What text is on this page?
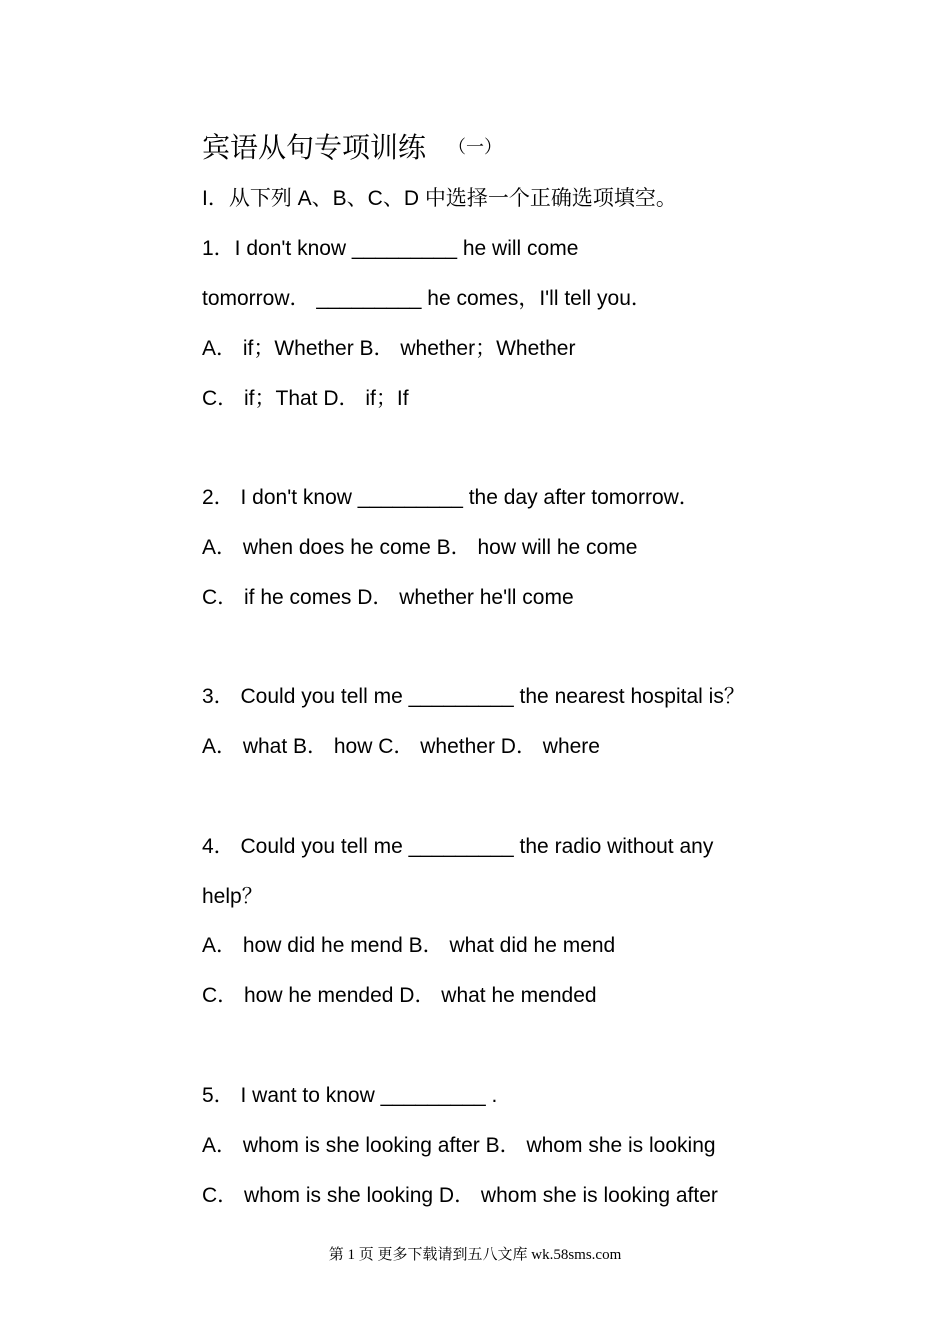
宾语从句专项训练 （一）
I．从下列 A、B、C、D 中选择一个正确选项填空。
1．I don't know _________ he will come
tomorrow． _________ he comes，I'll tell you．
A． if；Whether B． whether；Whether
C． if；That D． if；If
2． I don't know _________ the day after tomorrow．
A． when does he come B． how will he come
C． if he comes D． whether he'll come
3． Could you tell me _________ the nearest hospital is？
A． what B． how C． whether D． where
4． Could you tell me _________ the radio without any
help？
A． how did he mend B． what did he mend
C． how he mended D． what he mended
5． I want to know _________ .
A． whom is she looking after B． whom she is looking
C． whom is she looking D． whom she is looking after
第 1 页 更多下载请到五八文库 wk.58sms.com
